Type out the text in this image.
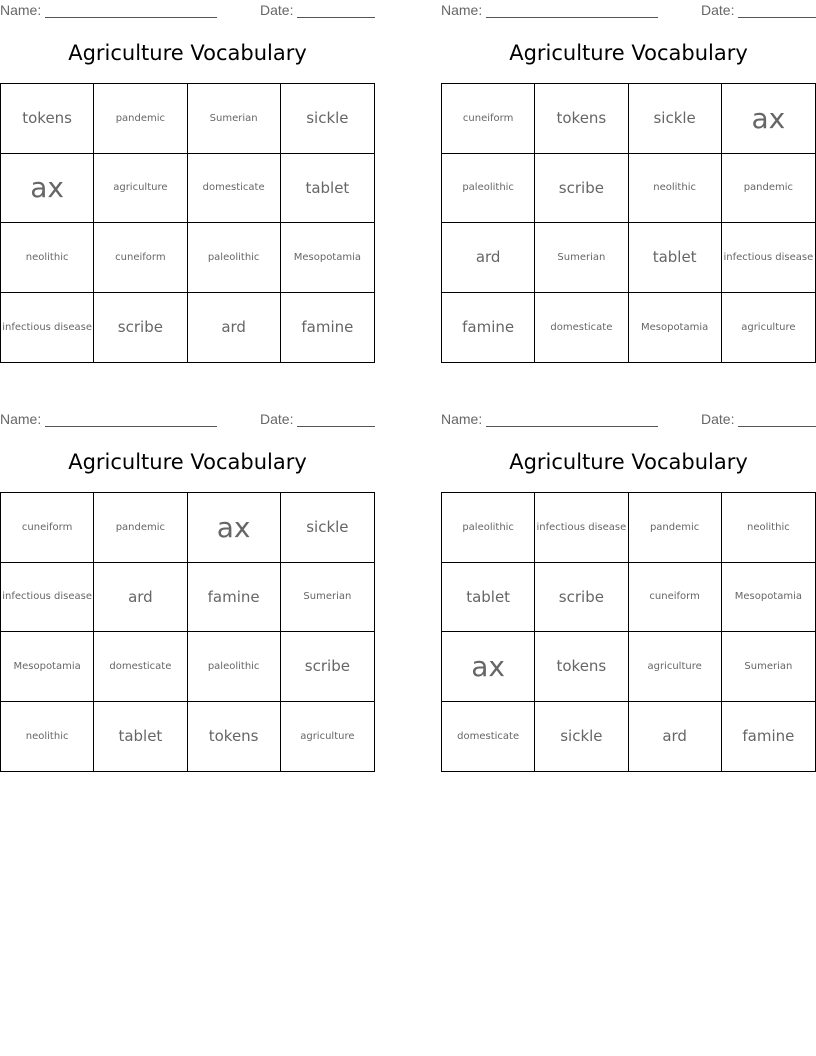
Name:	Date:
Agriculture Vocabulary
tokens	pandemic	Sumerian	sickle
ax	agriculture	domesticate	tablet
neolithic	cuneiform	paleolithic	Mesopotamia
infectious disease	scribe	ard	famine
Name:	Date:
Agriculture Vocabulary
cuneiform	tokens	sickle	ax
paleolithic	scribe	neolithic	pandemic
ard	Sumerian	tablet	infectious disease
famine	domesticate	Mesopotamia	agriculture
Name:	Date:
Agriculture Vocabulary
cuneiform	pandemic	ax	sickle
infectious disease	ard	famine	Sumerian
Mesopotamia	domesticate	paleolithic	scribe
neolithic	tablet	tokens	agriculture
Name:	Date:
Agriculture Vocabulary
paleolithic	infectious disease	pandemic	neolithic
tablet	scribe	cuneiform	Mesopotamia
ax	tokens	agriculture	Sumerian
domesticate	sickle	ard	famine
